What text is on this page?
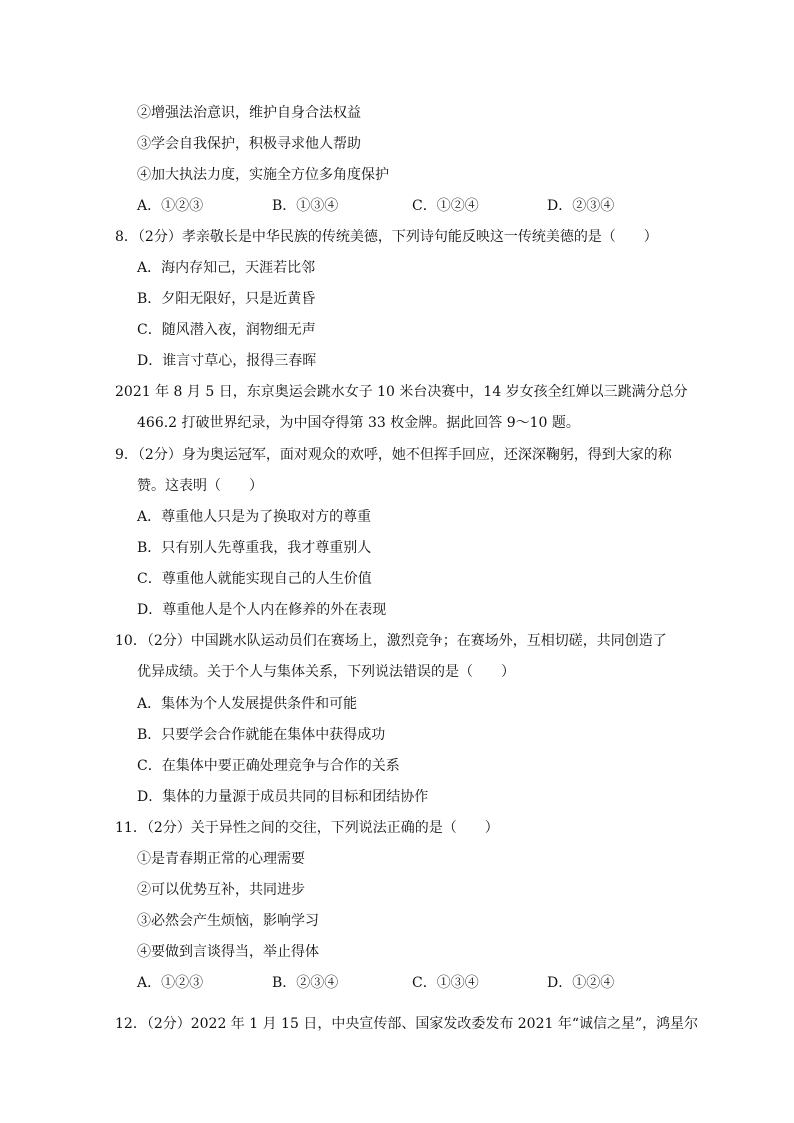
②增强法治意识，维护自身合法权益
③学会自我保护，积极寻求他人帮助
④加大执法力度，实施全方位多角度保护
A．①②③	B．①③④	C．①②④	D．②③④
8．（2分）孝亲敬长是中华民族的传统美德，下列诗句能反映这一传统美德的是（　　）
A．海内存知己，天涯若比邻
B．夕阳无限好，只是近黄昏
C．随风潜入夜，润物细无声
D．谁言寸草心，报得三春晖
2021 年 8 月 5 日，东京奥运会跳水女子 10 米台决赛中，14 岁女孩全红婵以三跳满分总分
466.2 打破世界纪录，为中国夺得第 33 枚金牌。据此回答 9～10 题。
9．（2分）身为奥运冠军，面对观众的欢呼，她不但挥手回应，还深深鞠躬，得到大家的称
赞。这表明（　　）
A．尊重他人只是为了换取对方的尊重
B．只有别人先尊重我，我才尊重别人
C．尊重他人就能实现自己的人生价值
D．尊重他人是个人内在修养的外在表现
10．（2分）中国跳水队运动员们在赛场上，激烈竞争；在赛场外，互相切磋，共同创造了
优异成绩。关于个人与集体关系，下列说法错误的是（　　）
A．集体为个人发展提供条件和可能
B．只要学会合作就能在集体中获得成功
C．在集体中要正确处理竞争与合作的关系
D．集体的力量源于成员共同的目标和团结协作
11．（2分）关于异性之间的交往，下列说法正确的是（　　）
①是青春期正常的心理需要
②可以优势互补，共同进步
③必然会产生烦恼，影响学习
④要做到言谈得当，举止得体
A．①②③	B．②③④	C．①③④	D．①②④
12．（2分）2022 年 1 月 15 日，中央宣传部、国家发改委发布 2021 年“诚信之星”，鸿星尔
